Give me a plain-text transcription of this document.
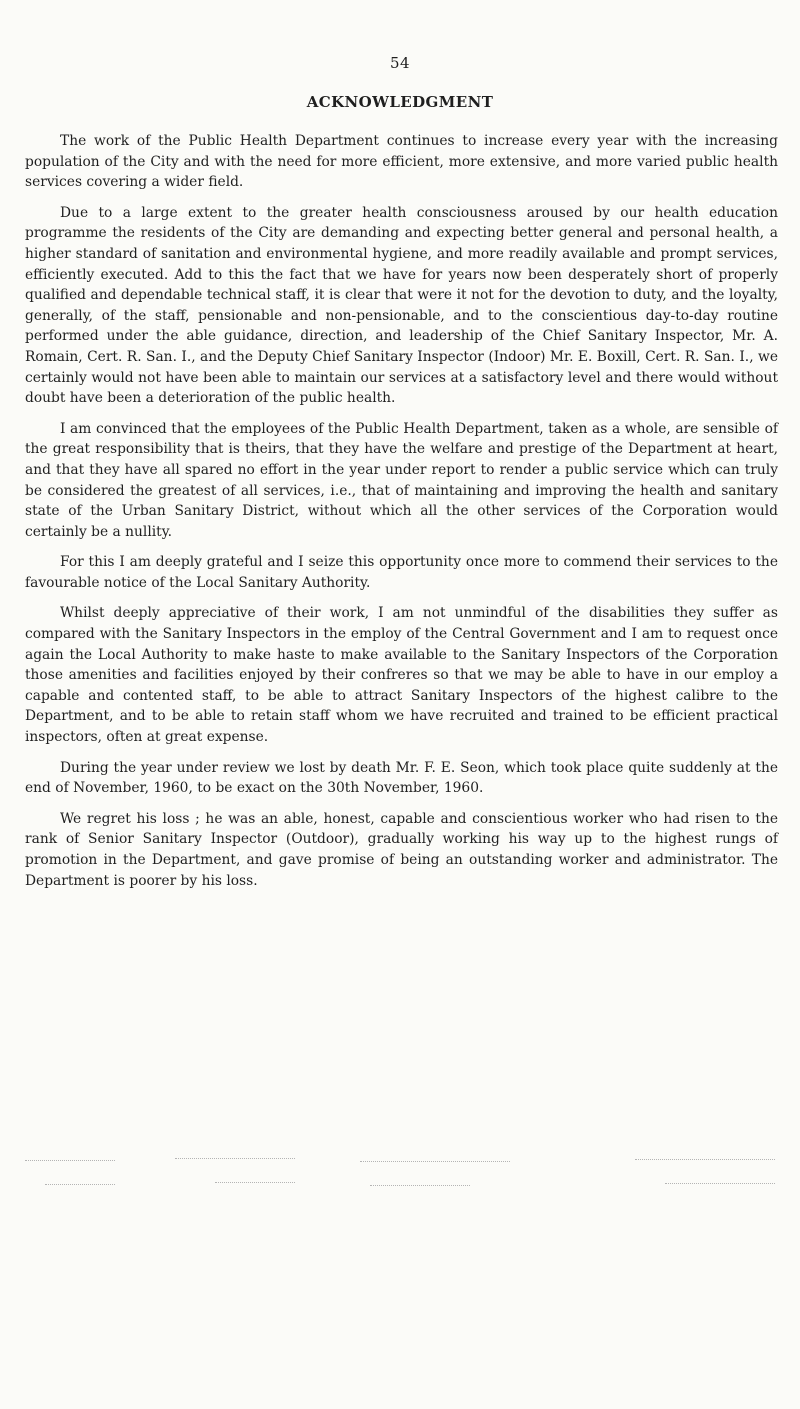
54
ACKNOWLEDGMENT

The work of the Public Health Department continues to increase every year with the increasing population of the City and with the need for more efficient, more extensive, and more varied public health services covering a wider field.

Due to a large extent to the greater health consciousness aroused by our health education programme the residents of the City are demanding and expecting better general and personal health, a higher standard of sanitation and environmental hygiene, and more readily available and prompt services, efficiently executed. Add to this the fact that we have for years now been desperately short of properly qualified and dependable technical staff, it is clear that were it not for the devotion to duty, and the loyalty, generally, of the staff, pensionable and non-pensionable, and to the conscientious day-to-day routine performed under the able guidance, direction, and leadership of the Chief Sanitary Inspector, Mr. A. Romain, Cert. R. San. I., and the Deputy Chief Sanitary Inspector (Indoor) Mr. E. Boxill, Cert. R. San. I., we certainly would not have been able to maintain our services at a satisfactory level and there would without doubt have been a deterioration of the public health.

I am convinced that the employees of the Public Health Department, taken as a whole, are sensible of the great responsibility that is theirs, that they have the welfare and prestige of the Department at heart, and that they have all spared no effort in the year under report to render a public service which can truly be considered the greatest of all services, i.e., that of maintaining and improving the health and sanitary state of the Urban Sanitary District, without which all the other services of the Corporation would certainly be a nullity.

For this I am deeply grateful and I seize this opportunity once more to commend their services to the favourable notice of the Local Sanitary Authority.

Whilst deeply appreciative of their work, I am not unmindful of the disabilities they suffer as compared with the Sanitary Inspectors in the employ of the Central Government and I am to request once again the Local Authority to make haste to make available to the Sanitary Inspectors of the Corporation those amenities and facilities enjoyed by their confreres so that we may be able to have in our employ a capable and contented staff, to be able to attract Sanitary Inspectors of the highest calibre to the Department, and to be able to retain staff whom we have recruited and trained to be efficient practical inspectors, often at great expense.

During the year under review we lost by death Mr. F. E. Seon, which took place quite suddenly at the end of November, 1960, to be exact on the 30th November, 1960.

We regret his loss ; he was an able, honest, capable and conscientious worker who had risen to the rank of Senior Sanitary Inspector (Outdoor), gradually working his way up to the highest rungs of promotion in the Department, and gave promise of being an outstanding worker and administrator. The Department is poorer by his loss.
